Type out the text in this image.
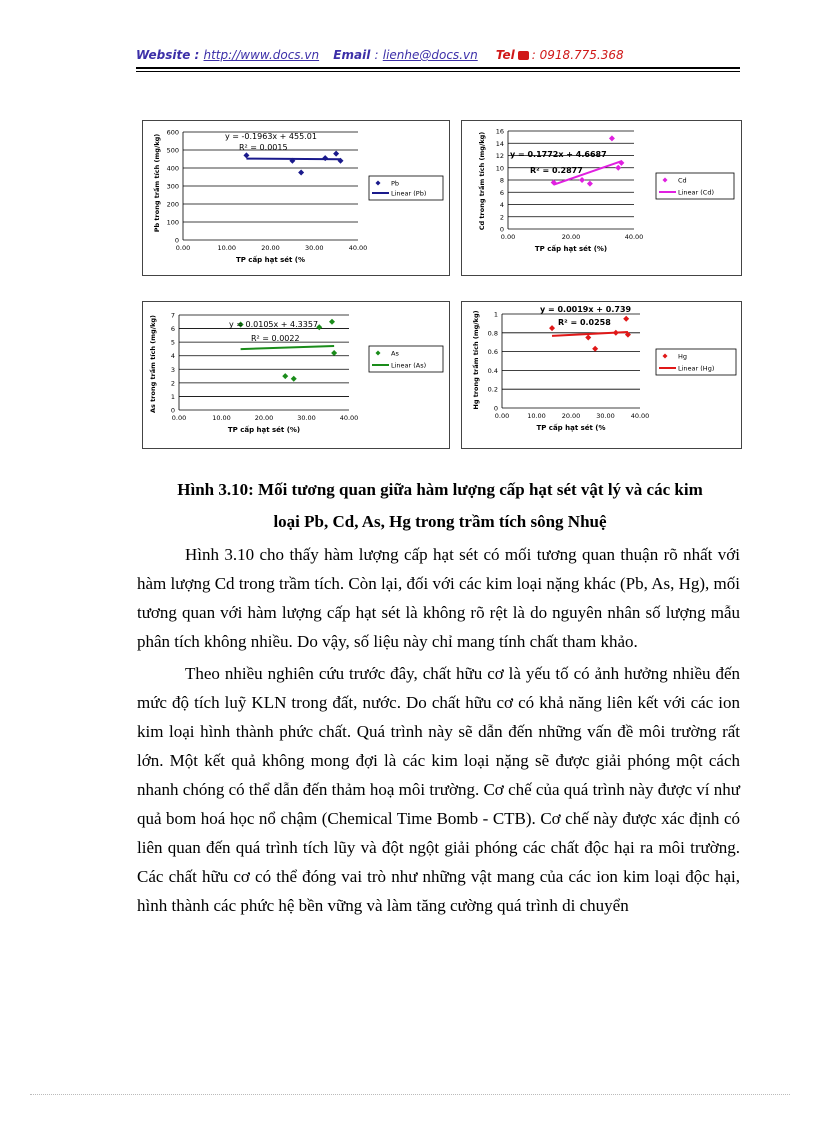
Website : http://www.docs.vn Email : lienhe@docs.vn Tel : 0918.775.368
0
100
200
300
400
500
600
0.00	10.00	20.00	30.00	40.00
TP cấp hạt sét (%
Pb trong trầm tích (mg/kg)	y = -0.1963x + 455.01
R² = 0.0015
Pb
Linear (Pb)
0
2
4
6
8
10
12
14
16
0.00	20.00	40.00
TP cấp hạt sét (%)
Cd trong trầm tích (mg/kg)	y = 0.1772x + 4.6687
R² = 0.2877
Cd
Linear (Cd)
0
1
2
3
4
5
6
7
0.00	10.00	20.00	30.00	40.00
TP cấp hạt sét (%)
As trong trầm tích (mg/kg)	y = 0.0105x + 4.3357
R² = 0.0022
As
Linear (As)
0
0.2
0.4
0.6
0.8
1
0.00	10.00 20.00 30.00 40.00
TP cấp hạt sét (%
Hg trong trầm tích (mg/kg)
y = 0.0019x + 0.739
R² = 0.0258
Hg
Linear (Hg)
Hình 3.10: Mối tương quan giữa hàm lượng cấp hạt sét vật lý và các kim
loại Pb, Cd, As, Hg trong trầm tích sông Nhuệ

Hình 3.10 cho thấy hàm lượng cấp hạt sét có mối tương quan thuận rõ nhất với hàm lượng Cd trong trầm tích. Còn lại, đối với các kim loại nặng khác (Pb, As, Hg), mối tương quan với hàm lượng cấp hạt sét là không rõ rệt là do nguyên nhân số lượng mẫu phân tích không nhiều. Do vậy, số liệu này chỉ mang tính chất tham khảo.

Theo nhiều nghiên cứu trước đây, chất hữu cơ là yếu tố có ảnh hưởng nhiều đến mức độ tích luỹ KLN trong đất, nước. Do chất hữu cơ có khả năng liên kết với các ion kim loại hình thành phức chất. Quá trình này sẽ dẫn đến những vấn đề môi trường rất lớn. Một kết quả không mong đợi là các kim loại nặng sẽ được giải phóng một cách nhanh chóng có thể dẫn đến thảm hoạ môi trường. Cơ chế của quá trình này được ví như quả bom hoá học nổ chậm (Chemical Time Bomb - CTB). Cơ chế này được xác định có liên quan đến quá trình tích lũy và đột ngột giải phóng các chất độc hại ra môi trường. Các chất hữu cơ có thể đóng vai trò như những vật mang của các ion kim loại độc hại, hình thành các phức hệ bền vững và làm tăng cường quá trình di chuyển
